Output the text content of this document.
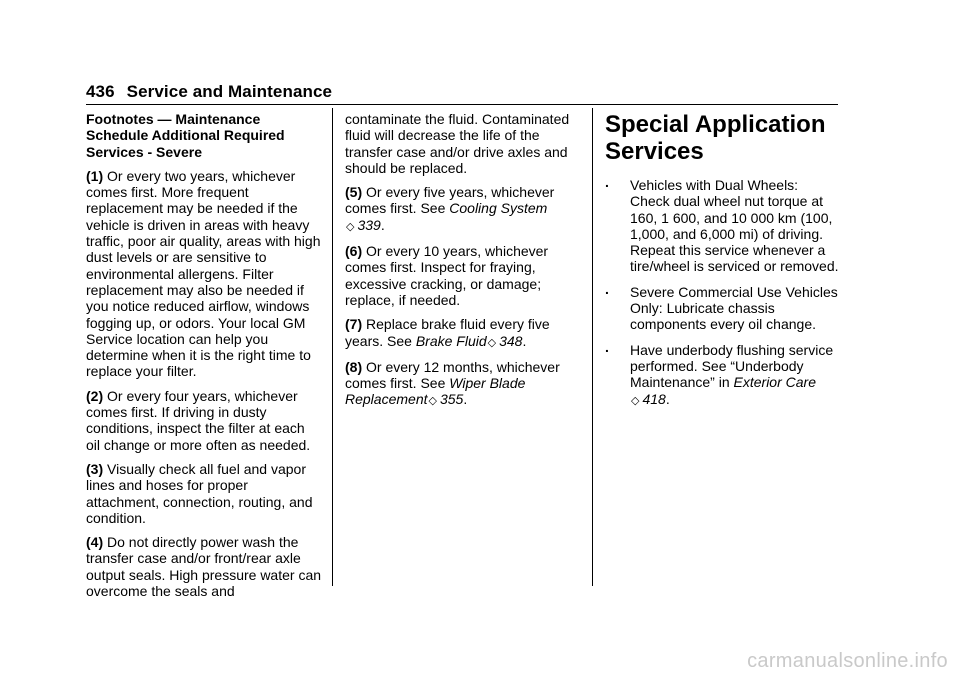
436 Service and Maintenance

Footnotes — Maintenance Schedule Additional Required Services - Severe

(1) Or every two years, whichever comes first. More frequent replacement may be needed if the vehicle is driven in areas with heavy traffic, poor air quality, areas with high dust levels or are sensitive to environmental allergens. Filter replacement may also be needed if you notice reduced airflow, windows fogging up, or odors. Your local GM Service location can help you determine when it is the right time to replace your filter.

(2) Or every four years, whichever comes first. If driving in dusty conditions, inspect the filter at each oil change or more often as needed.

(3) Visually check all fuel and vapor lines and hoses for proper attachment, connection, routing, and condition.

(4) Do not directly power wash the transfer case and/or front/rear axle output seals. High pressure water can overcome the seals and

contaminate the fluid. Contaminated fluid will decrease the life of the transfer case and/or drive axles and should be replaced.

(5) Or every five years, whichever comes first. See Cooling System
◇ 339.

(6) Or every 10 years, whichever comes first. Inspect for fraying, excessive cracking, or damage; replace, if needed.

(7) Replace brake fluid every five years. See Brake Fluid◇ 348.

(8) Or every 12 months, whichever comes first. See Wiper Blade Replacement◇ 355.

Special Application Services
. Vehicles with Dual Wheels: Check dual wheel nut torque at 160, 1 600, and 10 000 km (100, 1,000, and 6,000 mi) of driving. Repeat this service whenever a tire/wheel is serviced or removed.
. Severe Commercial Use Vehicles Only: Lubricate chassis components every oil change.
. Have underbody flushing service performed. See “Underbody Maintenance” in Exterior Care
◇ 418.
carmanualsonline.info
